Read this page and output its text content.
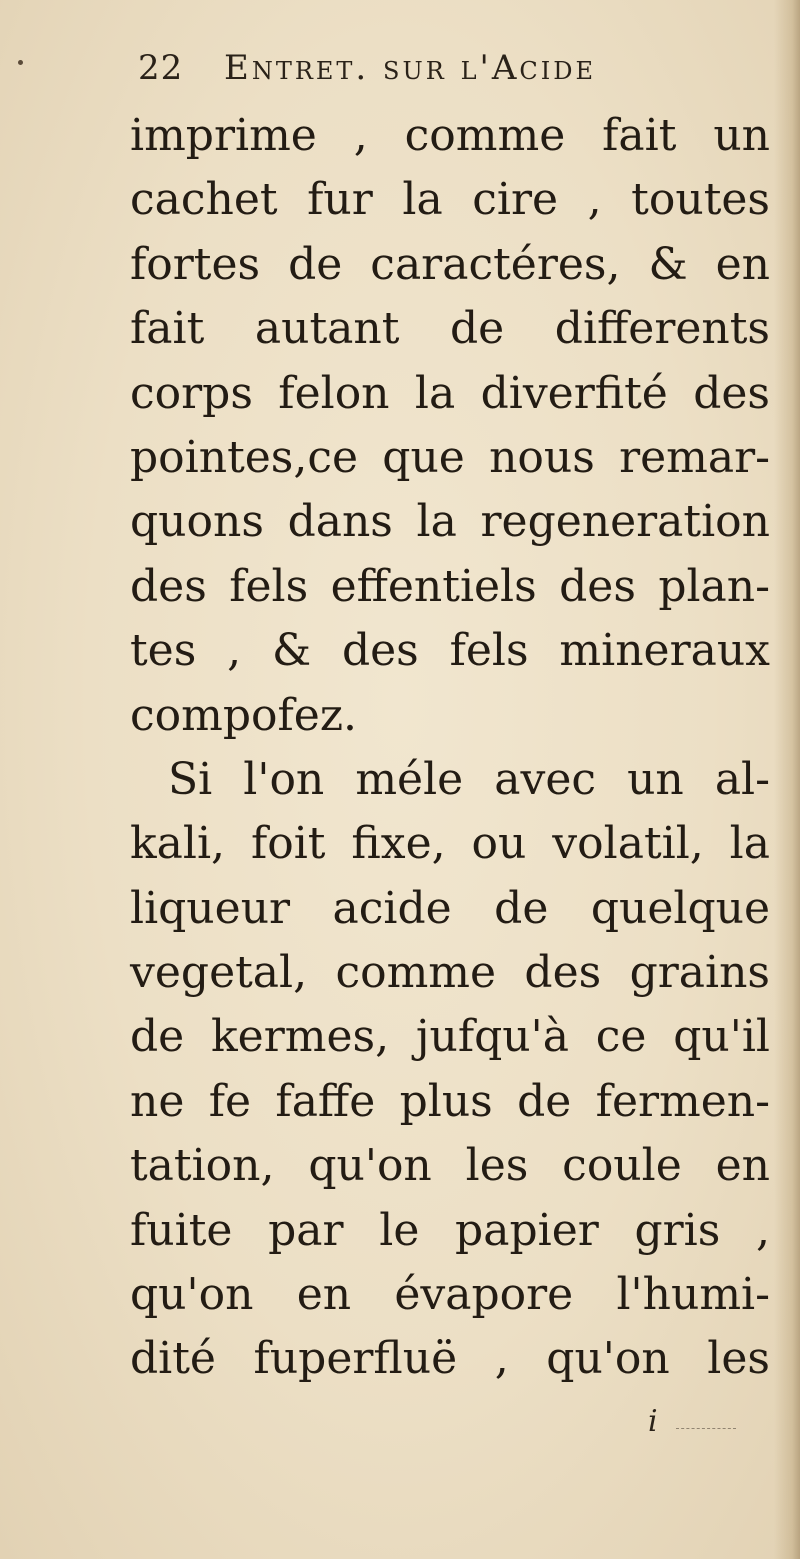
22 Entret. sur l'Acide
imprime , comme fait un
cachet fur la cire , toutes
fortes de caractéres, & en
fait autant de differents
corps felon la diverfité des
pointes,ce que nous remar-
quons dans la regeneration
des fels effentiels des plan-
tes , & des fels mineraux
compofez.
Si l'on méle avec un al-
kali, foit fixe, ou volatil, la
liqueur acide de quelque
vegetal, comme des grains
de kermes, jufqu'à ce qu'il
ne fe faffe plus de fermen-
tation, qu'on les coule en
fuite par le papier gris ,
qu'on en évapore l'humi-
dité fuperfluë , qu'on les
i
